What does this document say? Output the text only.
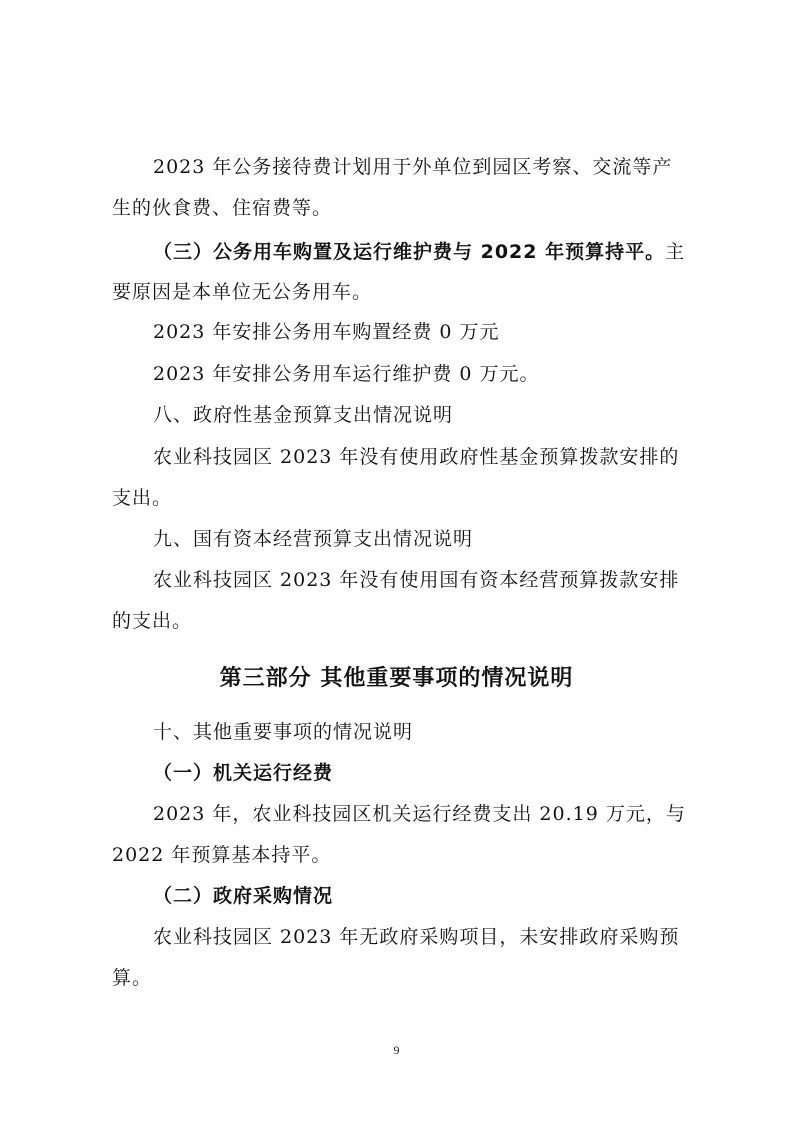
2023 年公务接待费计划用于外单位到园区考察、交流等产
生的伙食费、住宿费等。
（三）公务用车购置及运行维护费与 2022 年预算持平。主
要原因是本单位无公务用车。
2023 年安排公务用车购置经费 0 万元
2023 年安排公务用车运行维护费 0 万元。
八、政府性基金预算支出情况说明
农业科技园区 2023 年没有使用政府性基金预算拨款安排的
支出。
九、国有资本经营预算支出情况说明
农业科技园区 2023 年没有使用国有资本经营预算拨款安排
的支出。
第三部分 其他重要事项的情况说明
十、其他重要事项的情况说明
（一）机关运行经费
2023 年，农业科技园区机关运行经费支出 20.19 万元，与
2022 年预算基本持平。
（二）政府采购情况
农业科技园区 2023 年无政府采购项目，未安排政府采购预
算。
9
